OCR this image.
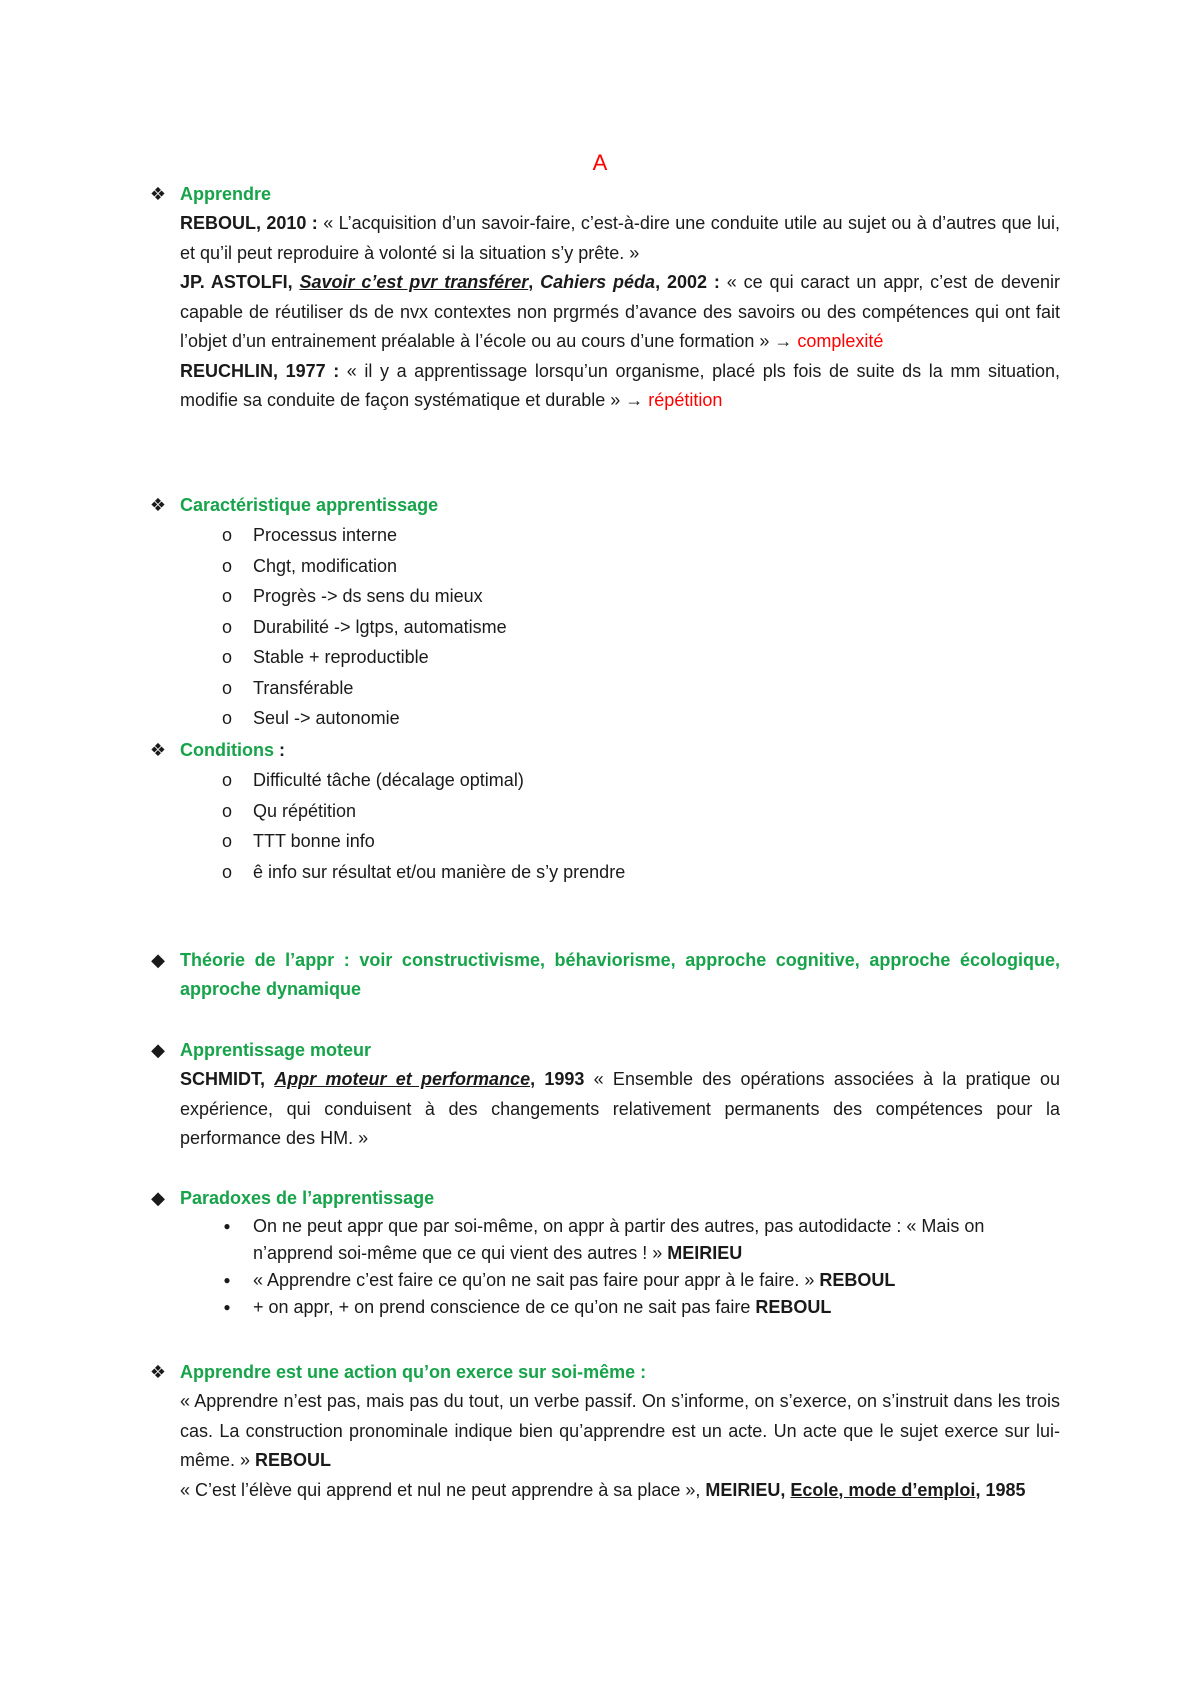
A
❖ Apprendre
REBOUL, 2010 : « L’acquisition d’un savoir-faire, c’est-à-dire une conduite utile au sujet ou à d’autres que lui, et qu’il peut reproduire à volonté si la situation s’y prête. »
JP. ASTOLFI, Savoir c’est pvr transférer, Cahiers péda, 2002 : « ce qui caract un appr, c’est de devenir capable de réutiliser ds de nvx contextes non prgrmés d’avance des savoirs ou des compétences qui ont fait l’objet d’un entrainement préalable à l’école ou au cours d’une formation » → complexité
REUCHLIN, 1977 : « il y a apprentissage lorsqu’un organisme, placé pls fois de suite ds la mm situation, modifie sa conduite de façon systématique et durable » → répétition
❖ Caractéristique apprentissage
o Processus interne
o Chgt, modification
o Progrès -> ds sens du mieux
o Durabilité -> lgtps, automatisme
o Stable + reproductible
o Transférable
o Seul -> autonomie
❖ Conditions :
o Difficulté tâche (décalage optimal)
o Qu répétition
o TTT bonne info
o ê info sur résultat et/ou manière de s’y prendre
◆ Théorie de l’appr : voir constructivisme, béhaviorisme, approche cognitive, approche écologique, approche dynamique
◆ Apprentissage moteur
SCHMIDT, Appr moteur et performance, 1993 « Ensemble des opérations associées à la pratique ou expérience, qui conduisent à des changements relativement permanents des compétences pour la performance des HM. »
◆ Paradoxes de l’apprentissage
● On ne peut appr que par soi-même, on appr à partir des autres, pas autodidacte : « Mais on n’apprend soi-même que ce qui vient des autres ! » MEIRIEU
● « Apprendre c’est faire ce qu’on ne sait pas faire pour appr à le faire. » REBOUL
● + on appr, + on prend conscience de ce qu’on ne sait pas faire REBOUL
❖ Apprendre est une action qu’on exerce sur soi-même :
« Apprendre n’est pas, mais pas du tout, un verbe passif. On s’informe, on s’exerce, on s’instruit dans les trois cas. La construction pronominale indique bien qu’apprendre est un acte. Un acte que le sujet exerce sur lui-même. » REBOUL
« C’est l’élève qui apprend et nul ne peut apprendre à sa place », MEIRIEU, Ecole, mode d’emploi, 1985
